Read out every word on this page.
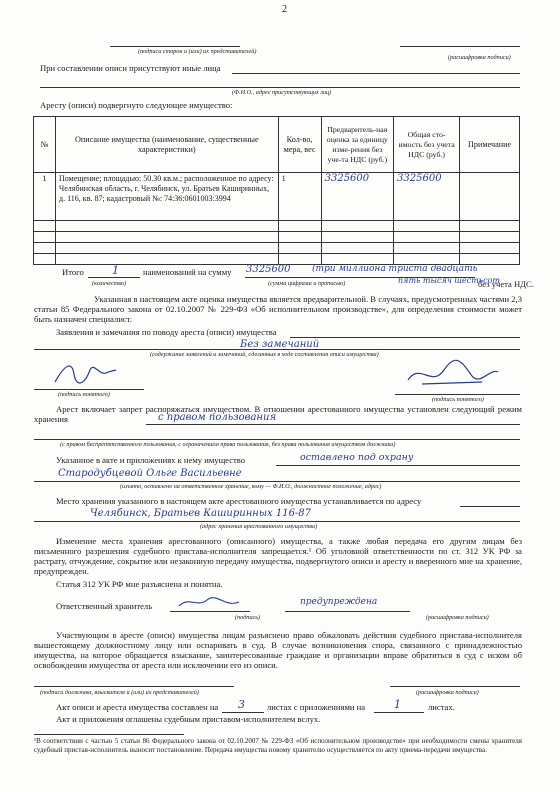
2
(подписи сторон и (или) их представителей)
(расшифровка подписи)
При составлении описи присутствуют иные лица
(Ф.И.О., адрес присутствующих лиц)
Аресту (описи) подвергнуто следующее имущество:
№	Описание имущества (наименование, существенные характеристики)	Кол-во, мера, вес	Предваритель-ная оценка за единицу изме-рения без уче-та НДС (руб.)	Общая сто-имость без учета НДС (руб.)	Примечание
1	Помещение; площадью: 50.30 кв.м.; расположенное по адресу: Челябинская область, г. Челябинск, ул. Братьев Каширинных, д. 116, кв. 87; кадастровый №: 74:36:0601003:3994	1	3325600	3325600	

Итого	1	наименований на сумму 3325600 (три миллиона триста двадцать
(количество)	(сумма цифрами и прописью)	пять тысяч шестьсот
без учета НДС.
Указанная в настоящем акте оценка имущества является предварительной. В случаях, предусмотренных частями 2,3 статьи 85 Федерального закона от 02.10.2007 № 229-ФЗ «Об исполнительном производстве», для определения стоимости может быть назначен специалист.
Заявления и замечания по поводу ареста (описи) имущества
Без замечаний
(содержание заявлений и замечаний, сделанных в ходе составления описи имущества)
(подпись понятого)
(подпись понятого)
Арест включает запрет распоряжаться имуществом. В отношении арестованного имущества установлен следующий режим хранения	с правом пользования
(с правом беспрепятственного пользования, с ограничением права пользования, без права пользования имуществом должника)
Указанное в акте и приложениях к нему имущество	оставлено под охрану
Стародубцевой Ольге Васильевне
(изъято, оставлено на ответственное хранение, кому — Ф.И.О., должностное положение, адрес)
Место хранения указанного в настоящем акте арестованного имущества устанавливается по адресу
Челябинск, Братьев Каширинных 116-87
(адрес хранения арестованного имущества)
Изменение места хранения арестованного (описанного) имущества, а также любая передача его другим лицам без письменного разрешения судебного пристава-исполнителя запрещается.¹ Об уголовной ответственности по ст. 312 УК РФ за растрату, отчуждение, сокрытие или незаконную передачу имущества, подвергнутого описи и аресту и вверенного мне на хранение, предупрежден.
Статья 312 УК РФ мне разъяснена и понятна.
Ответственный хранитель	предупреждена
(подпись)	(расшифровка подписи)
Участвующим в аресте (описи) имущества лицам разъяснено право обжаловать действия судебного пристава-исполнителя вышестоящему должностному лицу или оспаривать в суд. В случае возникновения спора, связанного с принадлежностью имущества, на которое обращается взыскание, заинтересованные граждане и организации вправе обратиться в суд с иском об освобождении имущества от ареста или исключении его из описи.
(подписи должника, взыскателя и (или) их представителей)	(расшифровка подписи)
Акт описи и ареста имущества составлен на 3	листах с приложениями на	1	листах.
Акт и приложения оглашены судебным приставом-исполнителем вслух.
¹В соответствии с частью 5 статьи 86 Федерального закона от 02.10.2007 № 229-ФЗ «Об исполнительном производстве» при необходимости смены хранителя судебный пристав-исполнитель выносит постановление. Передача имущества новому хранителю осуществляется по акту приема-передачи имущества.
